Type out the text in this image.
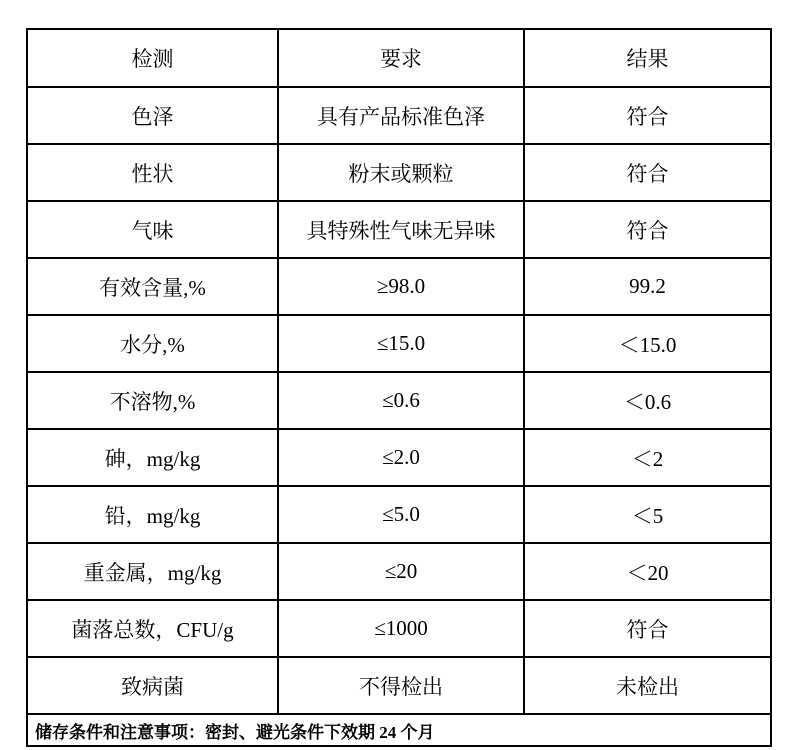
检测	要求	结果
色泽	具有产品标准色泽	符合
性状	粉末或颗粒	符合
气味	具特殊性气味无异味	符合
有效含量,%	≥98.0	99.2
水分,%	≤15.0	＜15.0
不溶物,%	≤0.6	＜0.6
砷，mg/kg	≤2.0	＜2
铅，mg/kg	≤5.0	＜5
重金属，mg/kg	≤20	＜20
菌落总数，CFU/g	≤1000	符合
致病菌	不得检出	未检出
储存条件和注意事项：密封、避光条件下效期 24 个月		
